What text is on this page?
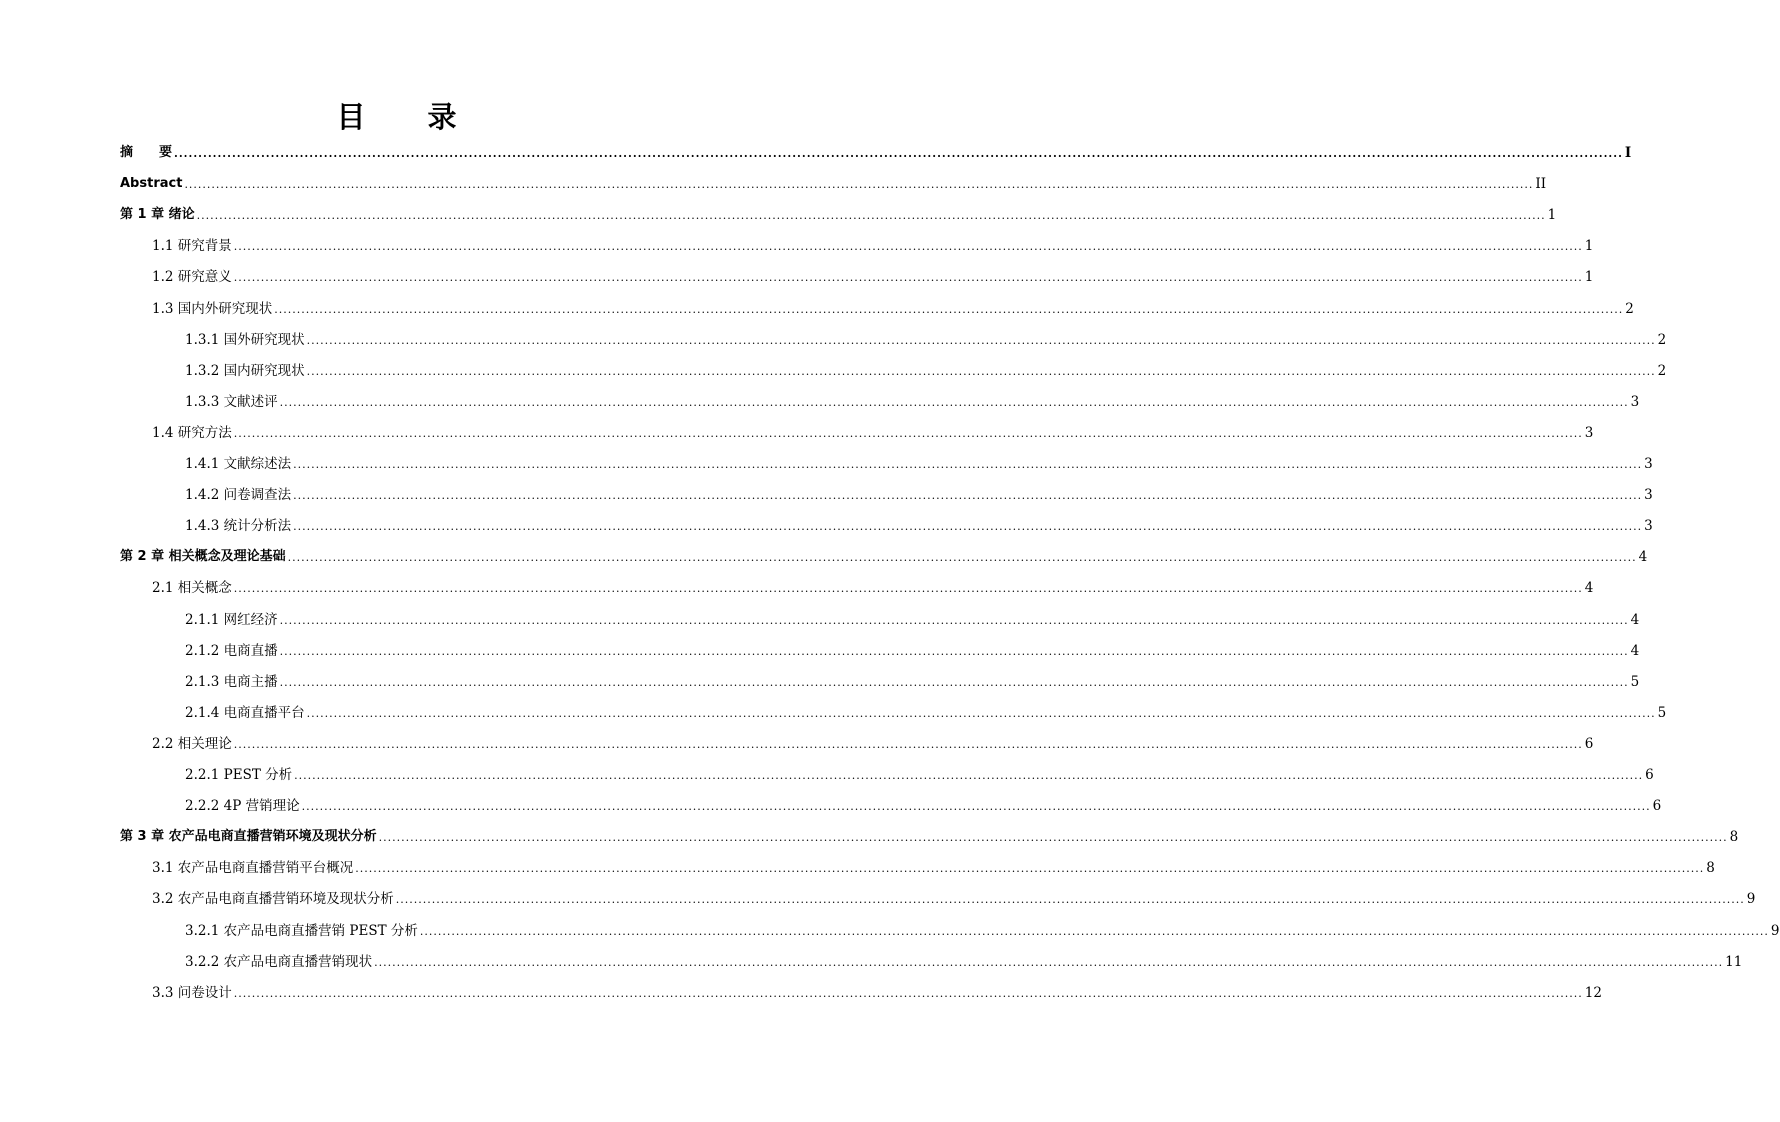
目 录
摘　　要 ............................................................................................................................................................................................................................................................................................................ I
Abstract ............................................................................................................................................................................................................................................................................................................ II
第 1 章 绪论 ............................................................................................................................................................................................................................................................................................................ 1
1.1 研究背景 ............................................................................................................................................................................................................................................................................................................ 1
1.2 研究意义 ............................................................................................................................................................................................................................................................................................................ 1
1.3 国内外研究现状 ............................................................................................................................................................................................................................................................................................................ 2
1.3.1 国外研究现状 ............................................................................................................................................................................................................................................................................................................ 2
1.3.2 国内研究现状 ............................................................................................................................................................................................................................................................................................................ 2
1.3.3 文献述评 ............................................................................................................................................................................................................................................................................................................ 3
1.4 研究方法 ............................................................................................................................................................................................................................................................................................................ 3
1.4.1 文献综述法 ............................................................................................................................................................................................................................................................................................................ 3
1.4.2 问卷调查法 ............................................................................................................................................................................................................................................................................................................ 3
1.4.3 统计分析法 ............................................................................................................................................................................................................................................................................................................ 3
第 2 章 相关概念及理论基础 ............................................................................................................................................................................................................................................................................................................ 4
2.1 相关概念 ............................................................................................................................................................................................................................................................................................................ 4
2.1.1 网红经济 ............................................................................................................................................................................................................................................................................................................ 4
2.1.2 电商直播 ............................................................................................................................................................................................................................................................................................................ 4
2.1.3 电商主播 ............................................................................................................................................................................................................................................................................................................ 5
2.1.4 电商直播平台 ............................................................................................................................................................................................................................................................................................................ 5
2.2 相关理论 ............................................................................................................................................................................................................................................................................................................ 6
2.2.1 PEST 分析 ............................................................................................................................................................................................................................................................................................................ 6
2.2.2 4P 营销理论 ............................................................................................................................................................................................................................................................................................................ 6
第 3 章 农产品电商直播营销环境及现状分析 ............................................................................................................................................................................................................................................................................................................ 8
3.1 农产品电商直播营销平台概况 ............................................................................................................................................................................................................................................................................................................ 8
3.2 农产品电商直播营销环境及现状分析 ............................................................................................................................................................................................................................................................................................................ 9
3.2.1 农产品电商直播营销 PEST 分析 ............................................................................................................................................................................................................................................................................................................ 9
3.2.2 农产品电商直播营销现状 ............................................................................................................................................................................................................................................................................................................ 11
3.3 问卷设计 ............................................................................................................................................................................................................................................................................................................ 12
